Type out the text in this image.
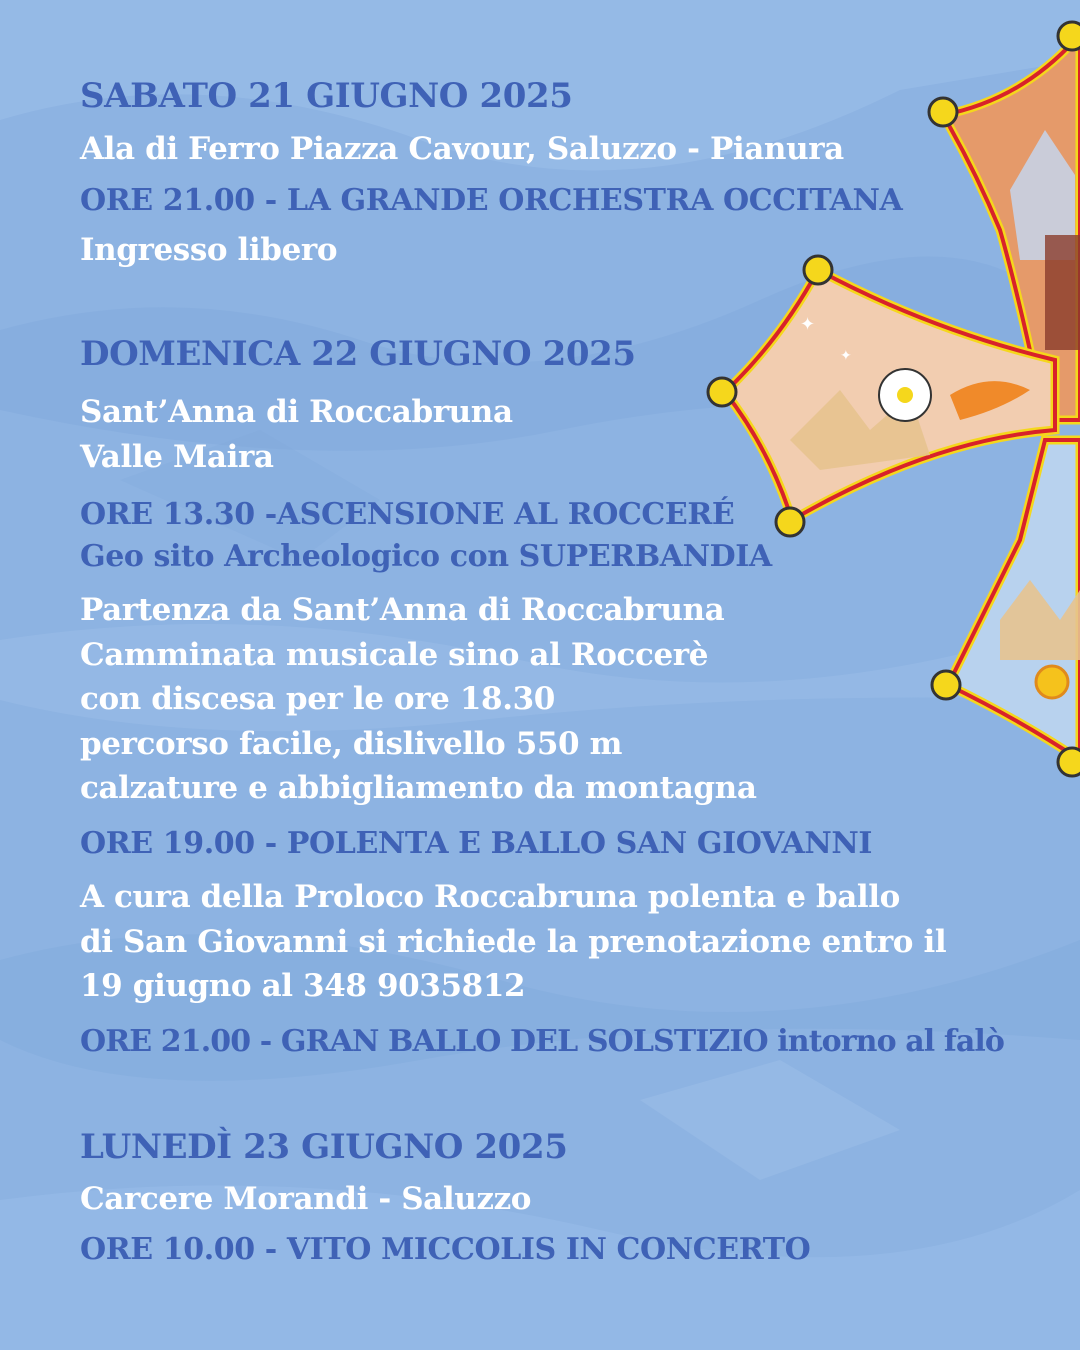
✦
✦
SABATO 21 GIUGNO 2025
Ala di Ferro Piazza Cavour, Saluzzo - Pianura
ORE 21.00 - LA GRANDE ORCHESTRA OCCITANA
Ingresso libero
DOMENICA 22 GIUGNO 2025
Sant’Anna di Roccabruna
Valle Maira
ORE 13.30 -ASCENSIONE AL ROCCERÉ
Geo sito Archeologico con SUPERBANDIA
Partenza da Sant’Anna di Roccabruna
Camminata musicale sino al Roccerè
con discesa per le ore 18.30
percorso facile, dislivello 550 m
calzature e abbigliamento da montagna
ORE 19.00 - POLENTA E BALLO SAN GIOVANNI
A cura della Proloco Roccabruna polenta e ballo
di San Giovanni si richiede la prenotazione entro il
19 giugno al 348 9035812
ORE 21.00 - GRAN BALLO DEL SOLSTIZIO intorno al falò
LUNEDÌ 23 GIUGNO 2025
Carcere Morandi - Saluzzo
ORE 10.00 - VITO MICCOLIS IN CONCERTO
